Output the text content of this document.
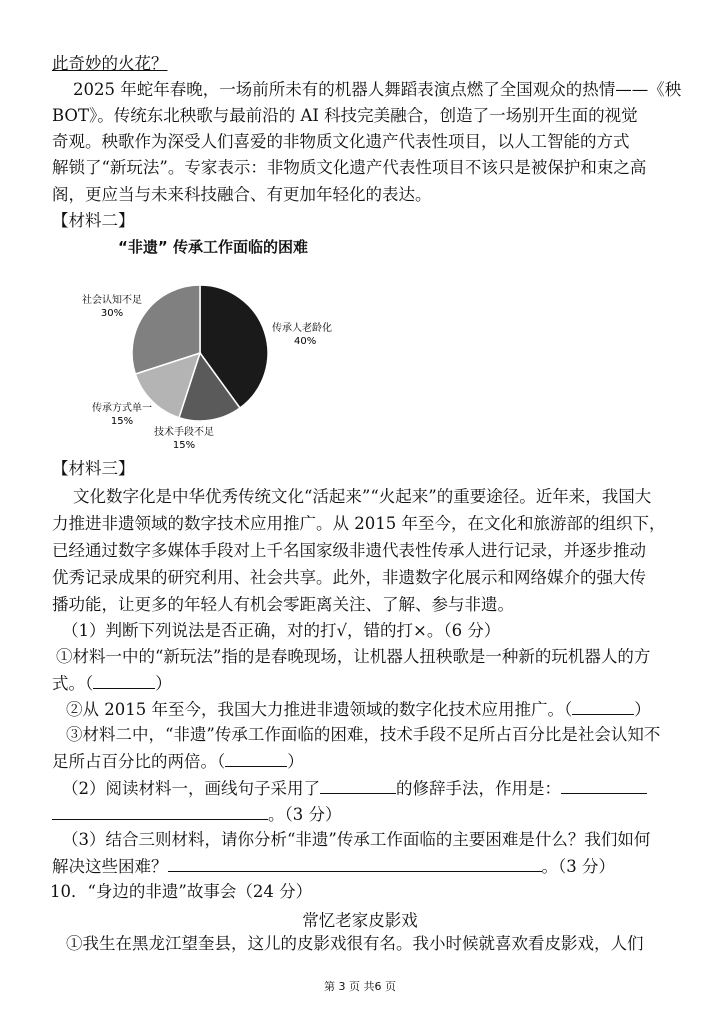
此奇妙的火花？
2025 年蛇年春晚，一场前所未有的机器人舞蹈表演点燃了全国观众的热情——《秧
BOT》。传统东北秧歌与最前沿的 AI 科技完美融合，创造了一场别开生面的视觉
奇观。秧歌作为深受人们喜爱的非物质文化遗产代表性项目，以人工智能的方式
解锁了“新玩法”。专家表示：非物质文化遗产代表性项目不该只是被保护和束之高
阁，更应当与未来科技融合、有更加年轻化的表达。
【材料二】
“非遗” 传承工作面临的困难
传承人老龄化
40%
技术手段不足
15%
传承方式单一
15%
社会认知不足
30%
【材料三】
文化数字化是中华优秀传统文化“活起来”“火起来”的重要途径。近年来，我国大
力推进非遗领域的数字技术应用推广。从 2015 年至今，在文化和旅游部的组织下，
已经通过数字多媒体手段对上千名国家级非遗代表性传承人进行记录，并逐步推动
优秀记录成果的研究利用、社会共享。此外，非遗数字化展示和网络媒介的强大传
播功能，让更多的年轻人有机会零距离关注、了解、参与非遗。
（1）判断下列说法是否正确，对的打√，错的打×。（6 分）
①材料一中的“新玩法”指的是春晚现场，让机器人扭秧歌是一种新的玩机器人的方
式。（	）
②从 2015 年至今，我国大力推进非遗领域的数字化技术应用推广。（	）
③材料二中，“非遗”传承工作面临的困难，技术手段不足所占百分比是社会认知不
足所占百分比的两倍。（	）
（2）阅读材料一，画线句子采用了	的修辞手法，作用是：
。（3 分）
（3）结合三则材料，请你分析“非遗”传承工作面临的主要困难是什么？我们如何
解决这些困难？	。（3 分）
10．“身边的非遗”故事会（24 分）
常忆老家皮影戏
①我生在黑龙江望奎县，这儿的皮影戏很有名。我小时候就喜欢看皮影戏，人们
第 3 页 共6 页
